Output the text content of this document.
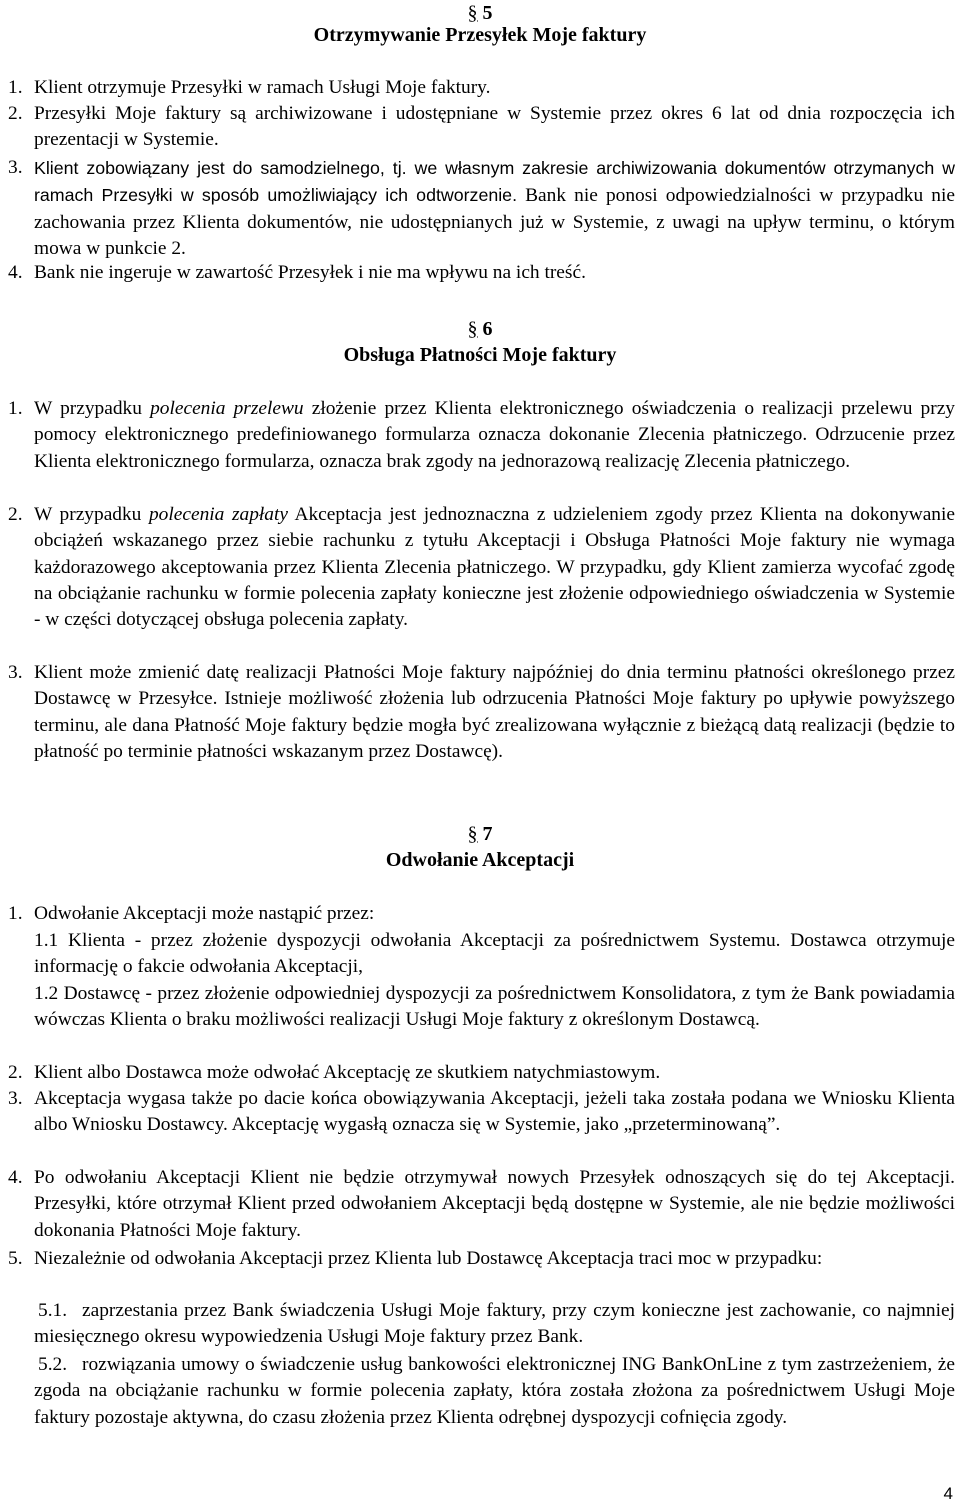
§ 5
Otrzymywanie Przesyłek Moje faktury
1. Klient otrzymuje Przesyłki w ramach Usługi Moje faktury.
2. Przesyłki Moje faktury są archiwizowane i udostępniane w Systemie przez okres 6 lat od dnia rozpoczęcia ich prezentacji w Systemie.
3. Klient zobowiązany jest do samodzielnego, tj. we własnym zakresie archiwizowania dokumentów otrzymanych w ramach Przesyłki w sposób umożliwiający ich odtworzenie. Bank nie ponosi odpowiedzialności w przypadku nie zachowania przez Klienta dokumentów, nie udostępnianych już w Systemie, z uwagi na upływ terminu, o którym mowa w punkcie 2.
4. Bank nie ingeruje w zawartość Przesyłek i nie ma wpływu na ich treść.
§ 6
Obsługa Płatności Moje faktury
1. W przypadku polecenia przelewu złożenie przez Klienta elektronicznego oświadczenia o realizacji przelewu przy pomocy elektronicznego predefiniowanego formularza oznacza dokonanie Zlecenia płatniczego. Odrzucenie przez Klienta elektronicznego formularza, oznacza brak zgody na jednorazową realizację Zlecenia płatniczego.
2. W przypadku polecenia zapłaty Akceptacja jest jednoznaczna z udzieleniem zgody przez Klienta na dokonywanie obciążeń wskazanego przez siebie rachunku z tytułu Akceptacji i Obsługa Płatności Moje faktury nie wymaga każdorazowego akceptowania przez Klienta Zlecenia płatniczego. W przypadku, gdy Klient zamierza wycofać zgodę na obciążanie rachunku w formie polecenia zapłaty konieczne jest złożenie odpowiedniego oświadczenia w Systemie - w części dotyczącej obsługa polecenia zapłaty.
3. Klient może zmienić datę realizacji Płatności Moje faktury najpóźniej do dnia terminu płatności określonego przez Dostawcę w Przesyłce. Istnieje możliwość złożenia lub odrzucenia Płatności Moje faktury po upływie powyższego terminu, ale dana Płatność Moje faktury będzie mogła być zrealizowana wyłącznie z bieżącą datą realizacji (będzie to płatność po terminie płatności wskazanym przez Dostawcę).
§ 7
Odwołanie Akceptacji
1. Odwołanie Akceptacji może nastąpić przez:
1.1 Klienta - przez złożenie dyspozycji odwołania Akceptacji za pośrednictwem Systemu. Dostawca otrzymuje informację o fakcie odwołania Akceptacji,
1.2 Dostawcę - przez złożenie odpowiedniej dyspozycji za pośrednictwem Konsolidatora, z tym że Bank powiadamia wówczas Klienta o braku możliwości realizacji Usługi Moje faktury z określonym Dostawcą.
2. Klient albo Dostawca może odwołać Akceptację ze skutkiem natychmiastowym.
3. Akceptacja wygasa także po dacie końca obowiązywania Akceptacji, jeżeli taka została podana we Wniosku Klienta albo Wniosku Dostawcy. Akceptację wygasłą oznacza się w Systemie, jako „przeterminowaną”.
4. Po odwołaniu Akceptacji Klient nie będzie otrzymywał nowych Przesyłek odnoszących się do tej Akceptacji. Przesyłki, które otrzymał Klient przed odwołaniem Akceptacji będą dostępne w Systemie, ale nie będzie możliwości dokonania Płatności Moje faktury.
5. Niezależnie od odwołania Akceptacji przez Klienta lub Dostawcę Akceptacja traci moc w przypadku:
5.1. zaprzestania przez Bank świadczenia Usługi Moje faktury, przy czym konieczne jest zachowanie, co najmniej miesięcznego okresu wypowiedzenia Usługi Moje faktury przez Bank.
5.2. rozwiązania umowy o świadczenie usług bankowości elektronicznej ING BankOnLine z tym zastrzeżeniem, że zgoda na obciążanie rachunku w formie polecenia zapłaty, która została złożona za pośrednictwem Usługi Moje faktury pozostaje aktywna, do czasu złożenia przez Klienta odrębnej dyspozycji cofnięcia zgody.
4
